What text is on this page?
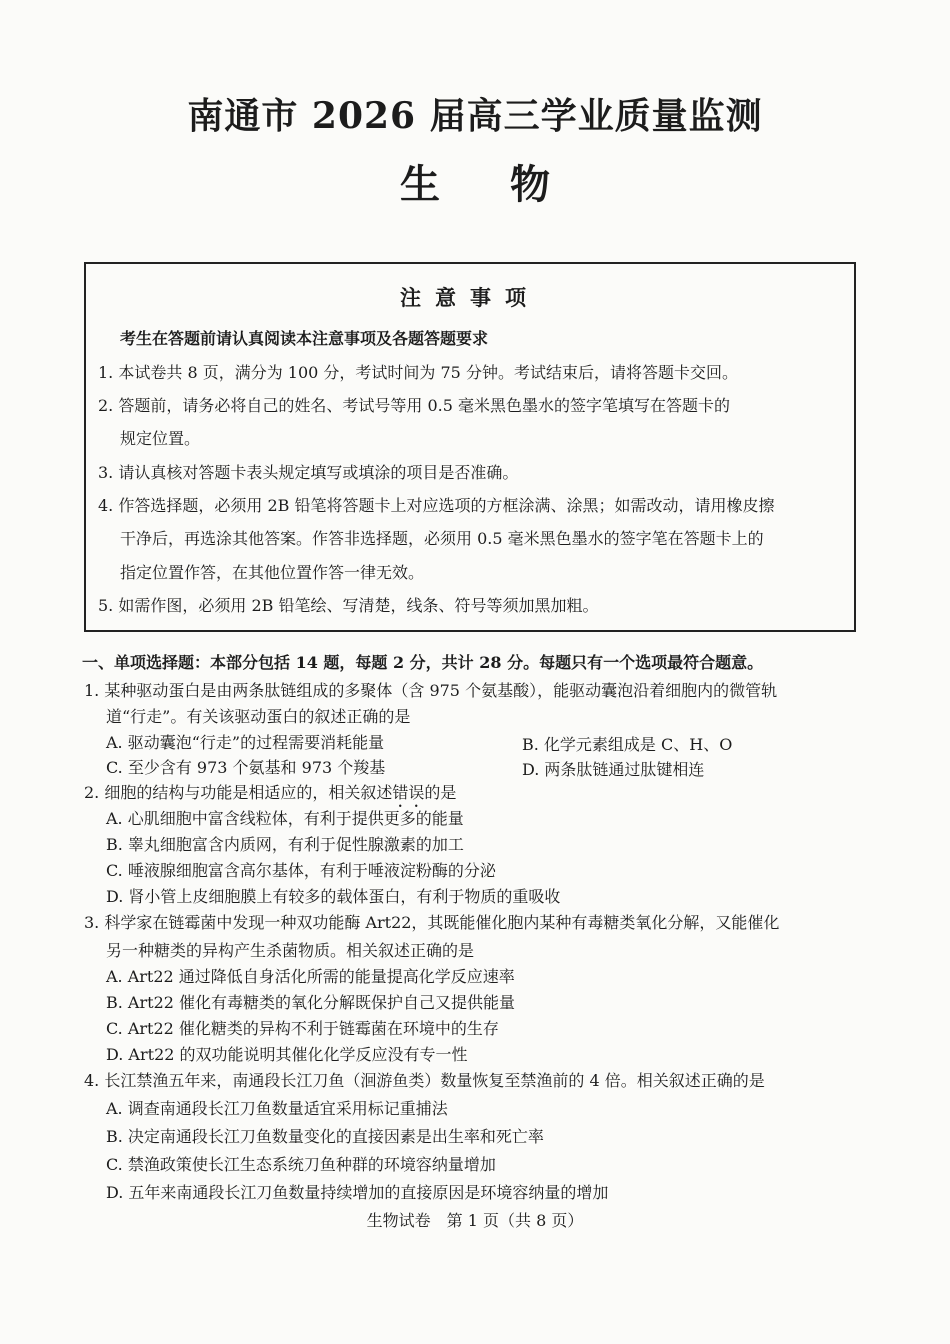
南通市 2026 届高三学业质量监测
生物
注意事项
考生在答题前请认真阅读本注意事项及各题答题要求
1. 本试卷共 8 页，满分为 100 分，考试时间为 75 分钟。考试结束后，请将答题卡交回。
2. 答题前，请务必将自己的姓名、考试号等用 0.5 毫米黑色墨水的签字笔填写在答题卡的
规定位置。
3. 请认真核对答题卡表头规定填写或填涂的项目是否准确。
4. 作答选择题，必须用 2B 铅笔将答题卡上对应选项的方框涂满、涂黑；如需改动，请用橡皮擦
干净后，再选涂其他答案。作答非选择题，必须用 0.5 毫米黑色墨水的签字笔在答题卡上的
指定位置作答，在其他位置作答一律无效。
5. 如需作图，必须用 2B 铅笔绘、写清楚，线条、符号等须加黑加粗。
一、单项选择题：本部分包括 14 题，每题 2 分，共计 28 分。每题只有一个选项最符合题意。
1. 某种驱动蛋白是由两条肽链组成的多聚体（含 975 个氨基酸），能驱动囊泡沿着细胞内的微管轨
道“行走”。有关该驱动蛋白的叙述正确的是
A. 驱动囊泡“行走”的过程需要消耗能量	B. 化学元素组成是 C、H、O
C. 至少含有 973 个氨基和 973 个羧基	D. 两条肽链通过肽键相连
2. 细胞的结构与功能是相适应的，相关叙述错误的是
A. 心肌细胞中富含线粒体，有利于提供更多的能量
B. 睾丸细胞富含内质网，有利于促性腺激素的加工
C. 唾液腺细胞富含高尔基体，有利于唾液淀粉酶的分泌
D. 肾小管上皮细胞膜上有较多的载体蛋白，有利于物质的重吸收
3. 科学家在链霉菌中发现一种双功能酶 Art22，其既能催化胞内某种有毒糖类氧化分解，又能催化
另一种糖类的异构产生杀菌物质。相关叙述正确的是
A. Art22 通过降低自身活化所需的能量提高化学反应速率
B. Art22 催化有毒糖类的氧化分解既保护自己又提供能量
C. Art22 催化糖类的异构不利于链霉菌在环境中的生存
D. Art22 的双功能说明其催化化学反应没有专一性
4. 长江禁渔五年来，南通段长江刀鱼（洄游鱼类）数量恢复至禁渔前的 4 倍。相关叙述正确的是
A. 调查南通段长江刀鱼数量适宜采用标记重捕法
B. 决定南通段长江刀鱼数量变化的直接因素是出生率和死亡率
C. 禁渔政策使长江生态系统刀鱼种群的环境容纳量增加
D. 五年来南通段长江刀鱼数量持续增加的直接原因是环境容纳量的增加
生物试卷　第 1 页（共 8 页）
